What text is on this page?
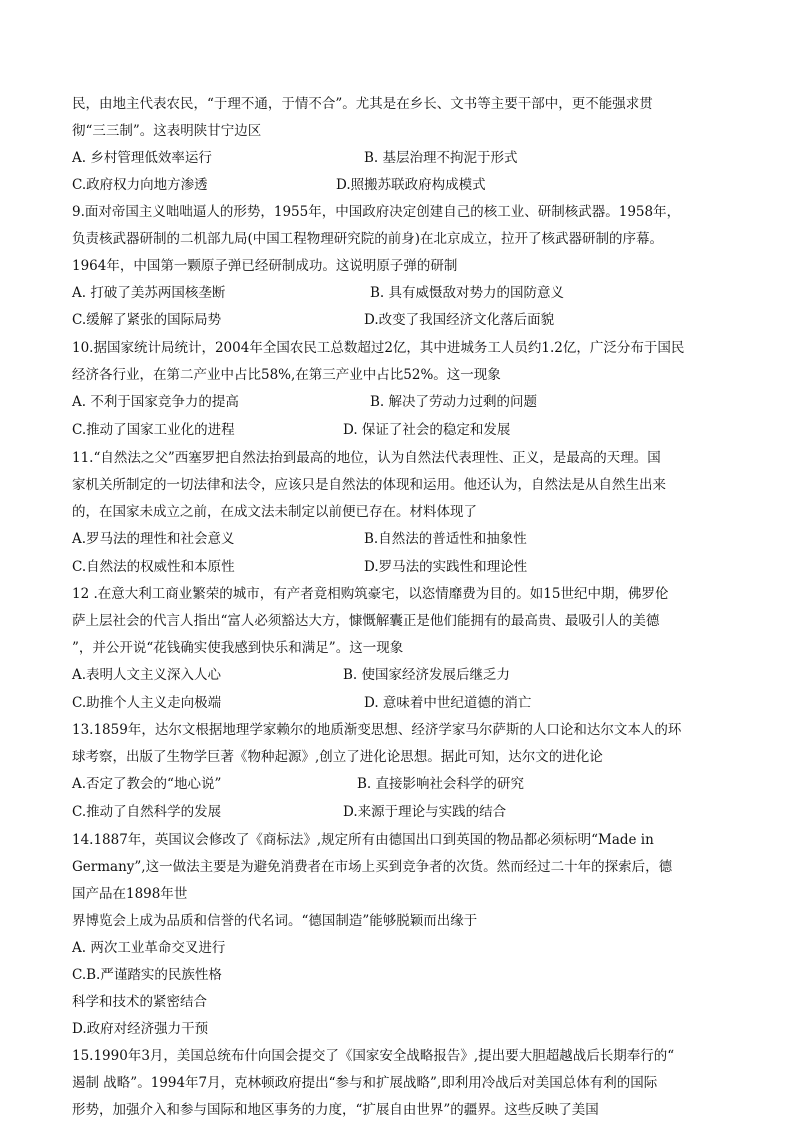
民，由地主代表农民，“于理不通，于情不合”。尤其是在乡长、文书等主要干部中，更不能强求贯
彻“三三制”。这表明陕甘宁边区
A. 乡村管理低效率运行	B. 基层治理不拘泥于形式
C.政府权力向地方渗透	D.照搬苏联政府构成模式
9.面对帝国主义咄咄逼人的形势，1955年，中国政府决定创建自己的核工业、研制核武器。1958年，
负责核武器研制的二机部九局(中国工程物理研究院的前身)在北京成立，拉开了核武器研制的序幕。
1964年，中国第一颗原子弹已经研制成功。这说明原子弹的研制
A. 打破了美苏两国核垄断	B. 具有威慑敌对势力的国防意义
C.缓解了紧张的国际局势	D.改变了我国经济文化落后面貌
10.据国家统计局统计，2004年全国农民工总数超过2亿，其中进城务工人员约1.2亿，广泛分布于国民
经济各行业，在第二产业中占比58%,在第三产业中占比52%。这一现象
A. 不利于国家竞争力的提高	B. 解决了劳动力过剩的问题
C.推动了国家工业化的进程	D. 保证了社会的稳定和发展
11.“自然法之父”西塞罗把自然法抬到最高的地位，认为自然法代表理性、正义，是最高的天理。国
家机关所制定的一切法律和法令，应该只是自然法的体现和运用。他还认为，自然法是从自然生出来
的，在国家未成立之前，在成文法未制定以前便已存在。材料体现了
A.罗马法的理性和社会意义	B.自然法的普适性和抽象性
C.自然法的权威性和本原性	D.罗马法的实践性和理论性
12 .在意大利工商业繁荣的城市，有产者竟相购筑豪宅，以恣情靡费为目的。如15世纪中期，佛罗伦
萨上层社会的代言人指出“富人必须豁达大方，慷慨解囊正是他们能拥有的最高贵、最吸引人的美德
”，并公开说“花钱确实使我感到快乐和满足”。这一现象
A.表明人文主义深入人心	B. 使国家经济发展后继乏力
C.助推个人主义走向极端	D. 意味着中世纪道德的消亡
13.1859年，达尔文根据地理学家赖尔的地质渐变思想、经济学家马尔萨斯的人口论和达尔文本人的环
球考察，出版了生物学巨著《物种起源》,创立了进化论思想。据此可知，达尔文的进化论
A.否定了教会的“地心说”	B. 直接影响社会科学的研究
C.推动了自然科学的发展	D.来源于理论与实践的结合
14.1887年，英国议会修改了《商标法》,规定所有由德国出口到英国的物品都必须标明“Made in
Germany”,这一做法主要是为避免消费者在市场上买到竞争者的次货。然而经过二十年的探索后，德
国产品在1898年世
界博览会上成为品质和信誉的代名词。“德国制造”能够脱颖而出缘于
A. 两次工业革命交叉进行
C.B.严谨踏实的民族性格
科学和技术的紧密结合
D.政府对经济强力干预
15.1990年3月，美国总统布什向国会提交了《国家安全战略报告》,提出要大胆超越战后长期奉行的“
遏制 战略”。1994年7月，克林顿政府提出“参与和扩展战略”,即利用冷战后对美国总体有利的国际
形势，加强介入和参与国际和地区事务的力度，“扩展自由世界”的疆界。这些反映了美国
